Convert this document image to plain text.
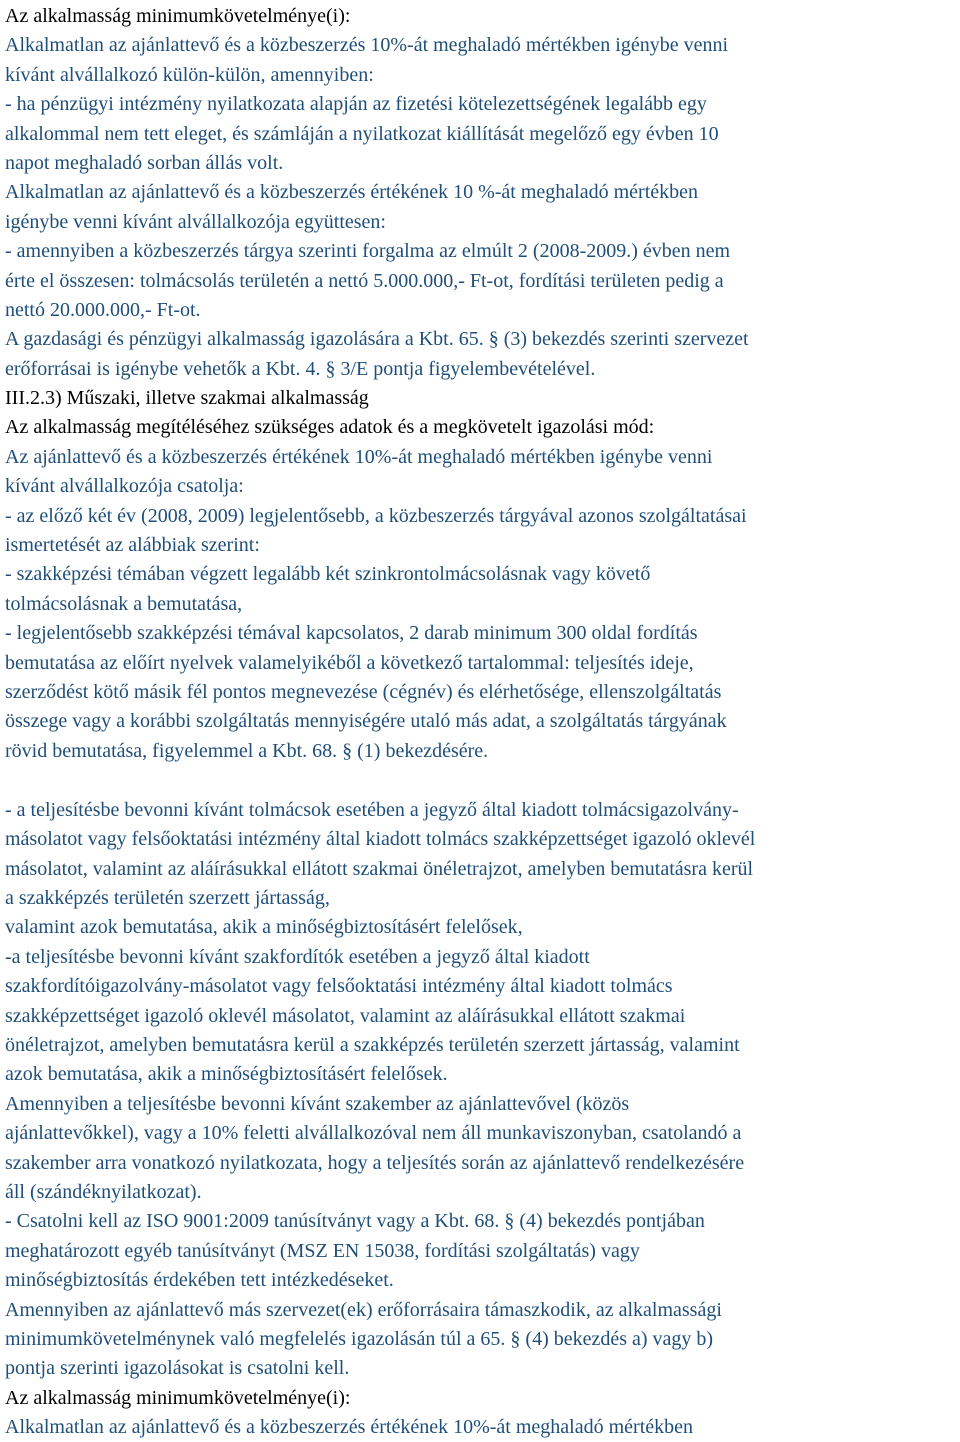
Az alkalmasság minimumkövetelménye(i):
Alkalmatlan az ajánlattevő és a közbeszerzés 10%-át meghaladó mértékben igénybe venni
kívánt alvállalkozó külön-külön, amennyiben:
- ha pénzügyi intézmény nyilatkozata alapján az fizetési kötelezettségének legalább egy
alkalommal nem tett eleget, és számláján a nyilatkozat kiállítását megelőző egy évben 10
napot meghaladó sorban állás volt.
Alkalmatlan az ajánlattevő és a közbeszerzés értékének 10 %-át meghaladó mértékben
igénybe venni kívánt alvállalkozója együttesen:
- amennyiben a közbeszerzés tárgya szerinti forgalma az elmúlt 2 (2008-2009.) évben nem
érte el összesen: tolmácsolás területén a nettó 5.000.000,- Ft-ot, fordítási területen pedig a
nettó 20.000.000,- Ft-ot.
A gazdasági és pénzügyi alkalmasság igazolására a Kbt. 65. § (3) bekezdés szerinti szervezet
erőforrásai is igénybe vehetők a Kbt. 4. § 3/E pontja figyelembevételével.
III.2.3) Műszaki, illetve szakmai alkalmasság
Az alkalmasság megítéléséhez szükséges adatok és a megkövetelt igazolási mód:
Az ajánlattevő és a közbeszerzés értékének 10%-át meghaladó mértékben igénybe venni
kívánt alvállalkozója csatolja:
- az előző két év (2008, 2009) legjelentősebb, a közbeszerzés tárgyával azonos szolgáltatásai
ismertetését az alábbiak szerint:
- szakképzési témában végzett legalább két szinkrontolmácsolásnak vagy követő
tolmácsolásnak a bemutatása,
- legjelentősebb szakképzési témával kapcsolatos, 2 darab minimum 300 oldal fordítás
bemutatása az előírt nyelvek valamelyikéből a következő tartalommal: teljesítés ideje,
szerződést kötő másik fél pontos megnevezése (cégnév) és elérhetősége, ellenszolgáltatás
összege vagy a korábbi szolgáltatás mennyiségére utaló más adat, a szolgáltatás tárgyának
rövid bemutatása, figyelemmel a Kbt. 68. § (1) bekezdésére.
- a teljesítésbe bevonni kívánt tolmácsok esetében a jegyző által kiadott tolmácsigazolvány-
másolatot vagy felsőoktatási intézmény által kiadott tolmács szakképzettséget igazoló oklevél
másolatot, valamint az aláírásukkal ellátott szakmai önéletrajzot, amelyben bemutatásra kerül
a szakképzés területén szerzett jártasság,
valamint azok bemutatása, akik a minőségbiztosításért felelősek,
-a teljesítésbe bevonni kívánt szakfordítók esetében a jegyző által kiadott
szakfordítóigazolvány-másolatot vagy felsőoktatási intézmény által kiadott tolmács
szakképzettséget igazoló oklevél másolatot, valamint az aláírásukkal ellátott szakmai
önéletrajzot, amelyben bemutatásra kerül a szakképzés területén szerzett jártasság, valamint
azok bemutatása, akik a minőségbiztosításért felelősek.
Amennyiben a teljesítésbe bevonni kívánt szakember az ajánlattevővel (közös
ajánlattevőkkel), vagy a 10% feletti alvállalkozóval nem áll munkaviszonyban, csatolandó a
szakember arra vonatkozó nyilatkozata, hogy a teljesítés során az ajánlattevő rendelkezésére
áll (szándéknyilatkozat).
- Csatolni kell az ISO 9001:2009 tanúsítványt vagy a Kbt. 68. § (4) bekezdés pontjában
meghatározott egyéb tanúsítványt (MSZ EN 15038, fordítási szolgáltatás) vagy
minőségbiztosítás érdekében tett intézkedéseket.
Amennyiben az ajánlattevő más szervezet(ek) erőforrásaira támaszkodik, az alkalmassági
minimumkövetelménynek való megfelelés igazolásán túl a 65. § (4) bekezdés a) vagy b)
pontja szerinti igazolásokat is csatolni kell.
Az alkalmasság minimumkövetelménye(i):
Alkalmatlan az ajánlattevő és a közbeszerzés értékének 10%-át meghaladó mértékben
